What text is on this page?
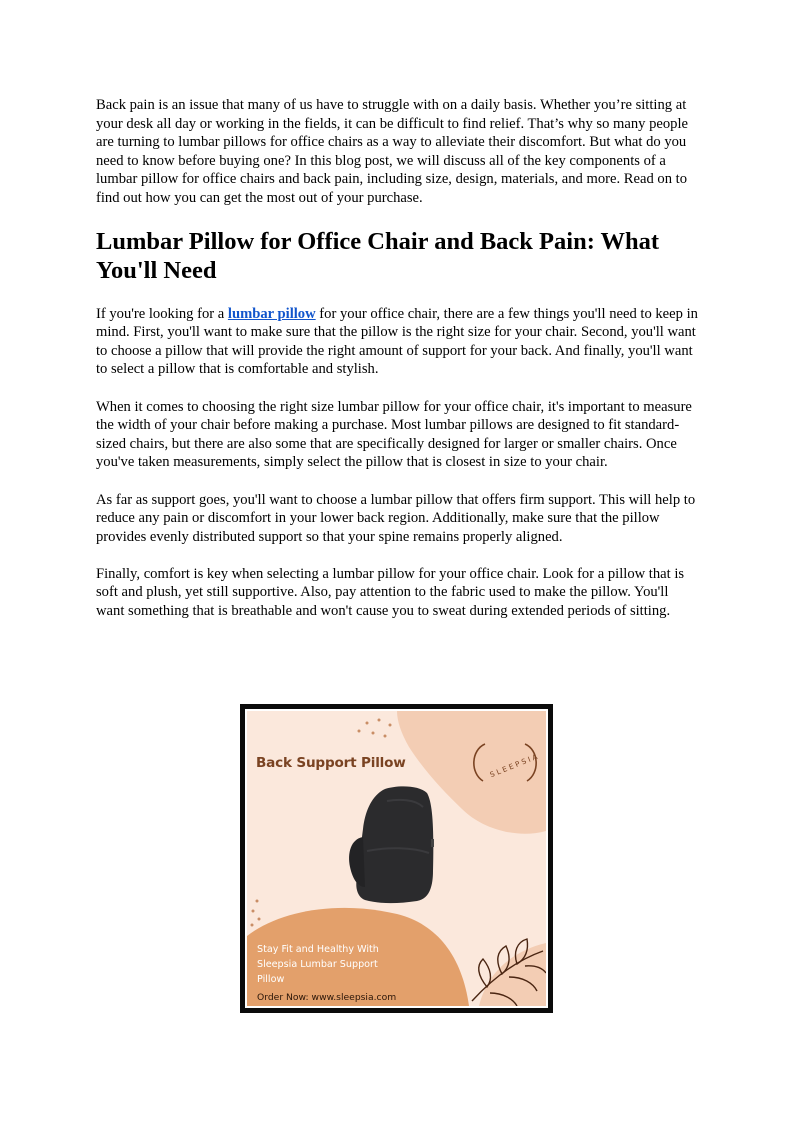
Back pain is an issue that many of us have to struggle with on a daily basis. Whether you’re sitting at your desk all day or working in the fields, it can be difficult to find relief. That’s why so many people are turning to lumbar pillows for office chairs as a way to alleviate their discomfort. But what do you need to know before buying one? In this blog post, we will discuss all of the key components of a lumbar pillow for office chairs and back pain, including size, design, materials, and more. Read on to find out how you can get the most out of your purchase.

Lumbar Pillow for Office Chair and Back Pain: What You'll Need

If you're looking for a lumbar pillow for your office chair, there are a few things you'll need to keep in mind. First, you'll want to make sure that the pillow is the right size for your chair. Second, you'll want to choose a pillow that will provide the right amount of support for your back. And finally, you'll want to select a pillow that is comfortable and stylish.

When it comes to choosing the right size lumbar pillow for your office chair, it's important to measure the width of your chair before making a purchase. Most lumbar pillows are designed to fit standard-sized chairs, but there are also some that are specifically designed for larger or smaller chairs. Once you've taken measurements, simply select the pillow that is closest in size to your chair.

As far as support goes, you'll want to choose a lumbar pillow that offers firm support. This will help to reduce any pain or discomfort in your lower back region. Additionally, make sure that the pillow provides evenly distributed support so that your spine remains properly aligned.

Finally, comfort is key when selecting a lumbar pillow for your office chair. Look for a pillow that is soft and plush, yet still supportive. Also, pay attention to the fabric used to make the pillow. You'll want something that is breathable and won't cause you to sweat during extended periods of sitting.

SLEEPSIA
Back Support Pillow
Stay Fit and Healthy With Sleepsia Lumbar Support Pillow
Order Now: www.sleepsia.com
